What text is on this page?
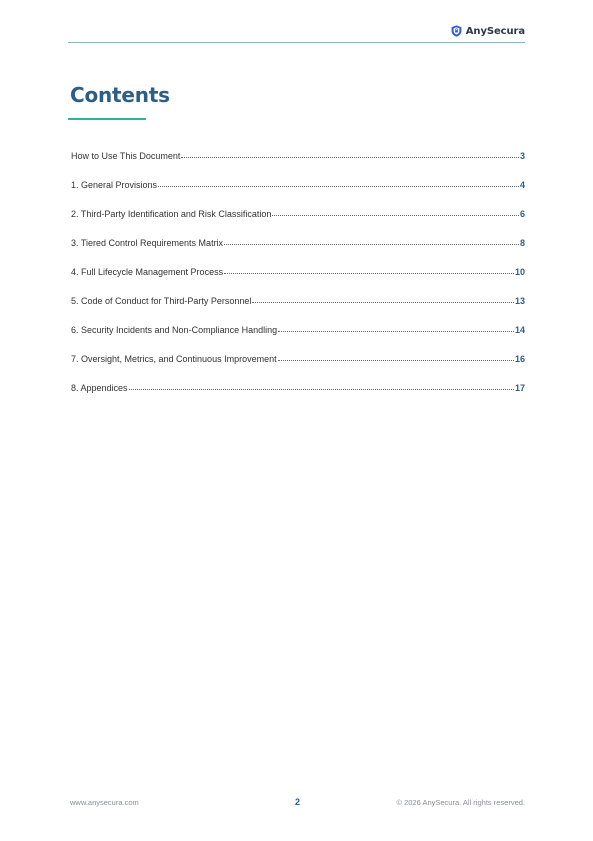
AnySecura
Contents
How to Use This Document	3
1. General Provisions	4
2. Third-Party Identification and Risk Classification	6
3. Tiered Control Requirements Matrix	8
4. Full Lifecycle Management Process	10
5. Code of Conduct for Third-Party Personnel	13
6. Security Incidents and Non-Compliance Handling	14
7. Oversight, Metrics, and Continuous Improvement	16
8. Appendices	17
www.anysecura.com	2	© 2026 AnySecura. All rights reserved.
